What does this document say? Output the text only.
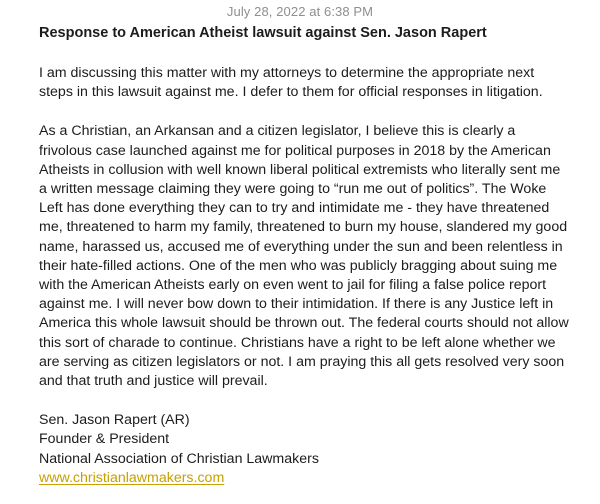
July 28, 2022 at 6:38 PM
Response to American Atheist lawsuit against Sen. Jason Rapert

I am discussing this matter with my attorneys to determine the appropriate next steps in this lawsuit against me. I defer to them for official responses in litigation.

As a Christian, an Arkansan and a citizen legislator, I believe this is clearly a frivolous case launched against me for political purposes in 2018 by the American Atheists in collusion with well known liberal political extremists who literally sent me a written message claiming they were going to “run me out of politics”. The Woke Left has done everything they can to try and intimidate me - they have threatened me, threatened to harm my family, threatened to burn my house, slandered my good name, harassed us, accused me of everything under the sun and been relentless in their hate-filled actions. One of the men who was publicly bragging about suing me with the American Atheists early on even went to jail for filing a false police report against me. I will never bow down to their intimidation. If there is any Justice left in America this whole lawsuit should be thrown out. The federal courts should not allow this sort of charade to continue. Christians have a right to be left alone whether we are serving as citizen legislators or not. I am praying this all gets resolved very soon and that truth and justice will prevail.

Sen. Jason Rapert (AR)
Founder & President
National Association of Christian Lawmakers
www.christianlawmakers.com
